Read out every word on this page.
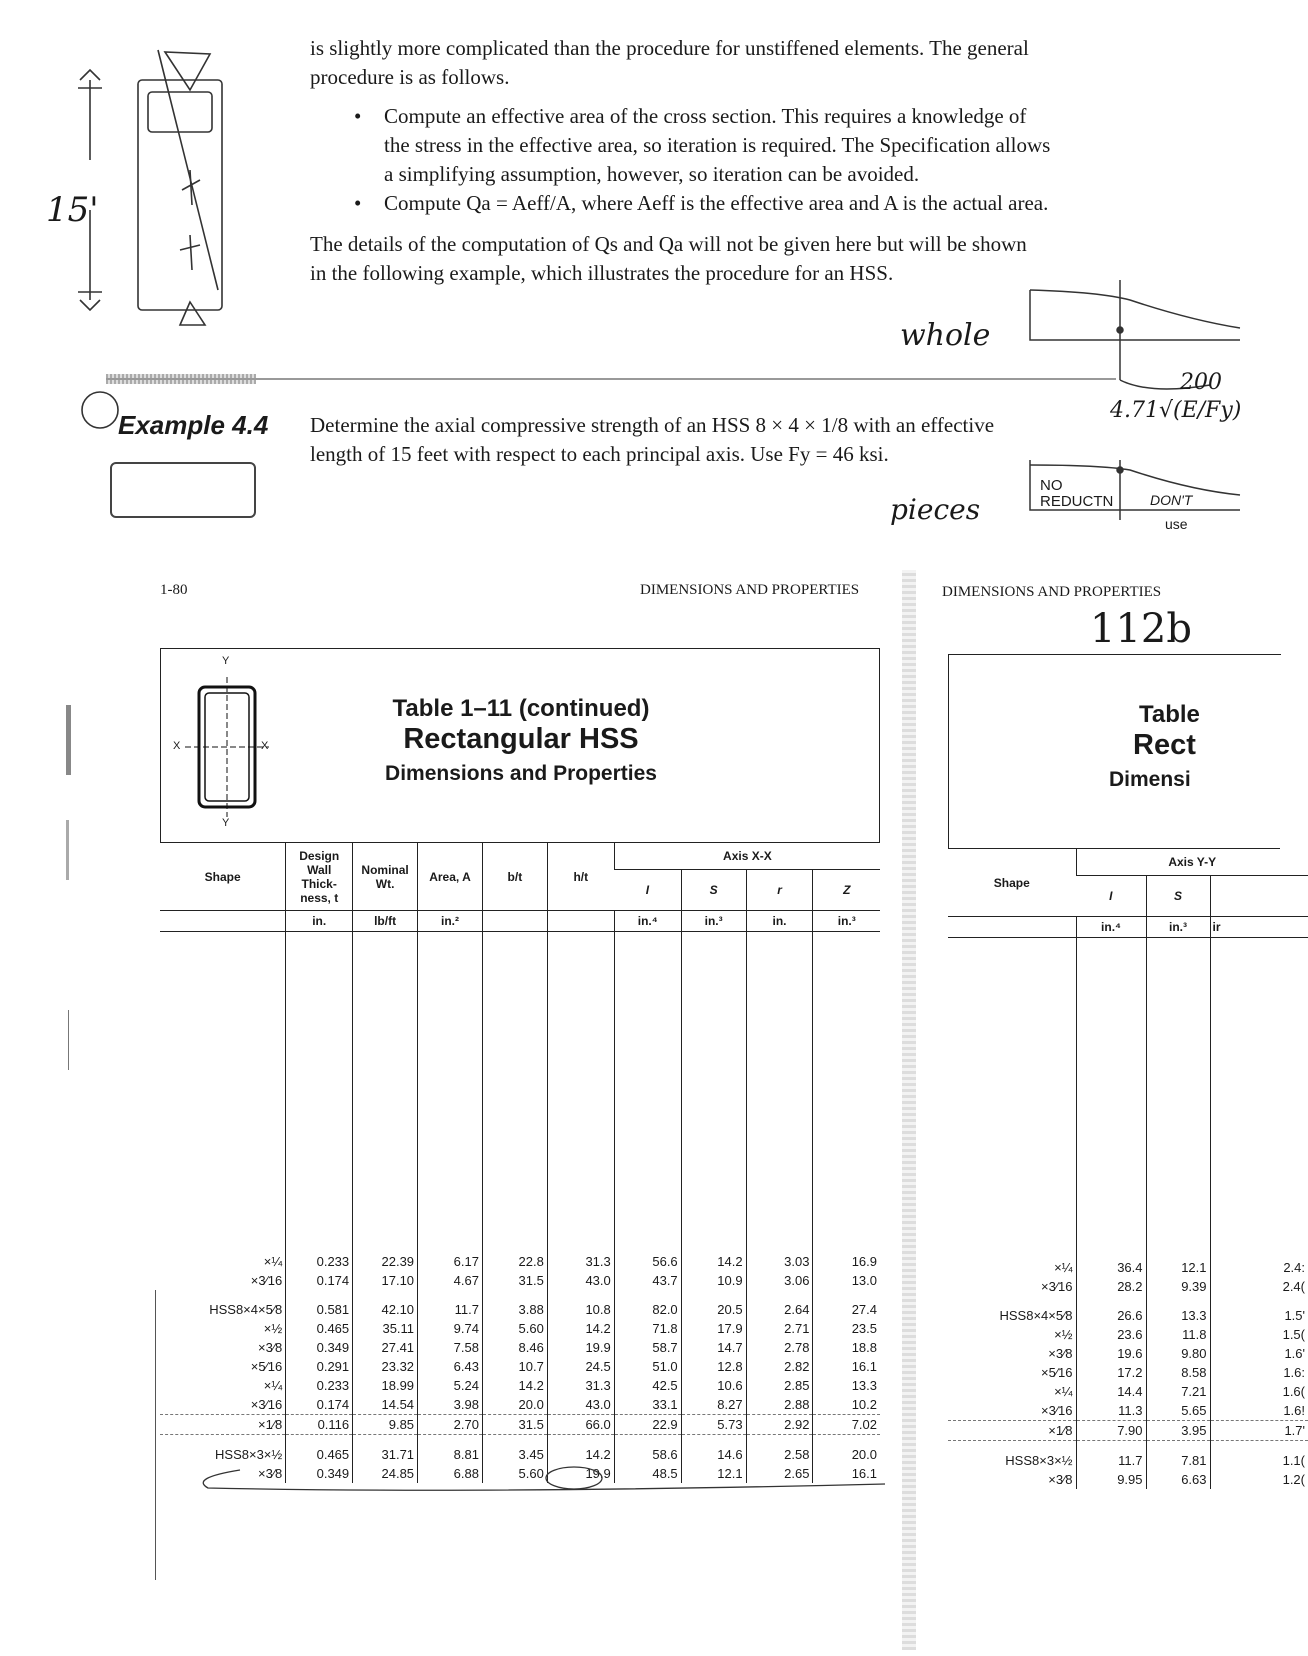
15'
is slightly more complicated than the procedure for unstiffened elements. The general
procedure is as follows.
•	Compute an effective area of the cross section. This requires a knowledge of
the stress in the effective area, so iteration is required. The Specification allows
a simplifying assumption, however, so iteration can be avoided.
•	Compute Qa = Aeff/A, where Aeff is the effective area and A is the actual area.
The details of the computation of Qs and Qa will not be given here but will be shown
in the following example, which illustrates the procedure for an HSS.
whole
200
4.71√(E/Fy)
pieces
NO REDUCTN	DON'T
use
Example 4.4 Determine the axial compressive strength of an HSS 8 × 4 × 1/8 with an effective
length of 15 feet with respect to each principal axis. Use Fy = 46 ksi.
1-80	DIMENSIONS AND PROPERTIES	DIMENSIONS AND PROPERTIES
112b
Y
Y
X	X
Table 1–11 (continued)
Rectangular HSS
Dimensions and Properties
Shape	Design Wall Thick-ness, t	Nominal Wt.	Area, A	b/t	h/t	Axis X-X			
						I	S	r	Z
	in.	lb/ft	in.²			in.⁴	in.³	in.	in.³

×¼	0.233	22.39	6.17	22.8	31.3	56.6	14.2	3.03	16.9
×3⁄16	0.174	17.10	4.67	31.5	43.0	43.7	10.9	3.06	13.0

HSS8×4×5⁄8	0.581	42.10	11.7	3.88	10.8	82.0	20.5	2.64	27.4
×½	0.465	35.11	9.74	5.60	14.2	71.8	17.9	2.71	23.5
×3⁄8	0.349	27.41	7.58	8.46	19.9	58.7	14.7	2.78	18.8
×5⁄16	0.291	23.32	6.43	10.7	24.5	51.0	12.8	2.82	16.1
×¼	0.233	18.99	5.24	14.2	31.3	42.5	10.6	2.85	13.3
×3⁄16	0.174	14.54	3.98	20.0	43.0	33.1	8.27	2.88	10.2
×1⁄8	0.116	9.85	2.70	31.5	66.0	22.9	5.73	2.92	7.02

HSS8×3×½	0.465	31.71	8.81	3.45	14.2	58.6	14.6	2.58	20.0
×3⁄8	0.349	24.85	6.88	5.60	19.9	48.5	12.1	2.65	16.1
Table
Rect
Dimensi
Shape	Axis Y-Y		
	I	S	
	in.⁴	in.³	ir

×¼	36.4	12.1	2.4:
×3⁄16	28.2	9.39	2.4(

HSS8×4×5⁄8	26.6	13.3	1.5'
×½	23.6	11.8	1.5(
×3⁄8	19.6	9.80	1.6'
×5⁄16	17.2	8.58	1.6:
×¼	14.4	7.21	1.6(
×3⁄16	11.3	5.65	1.6!
×1⁄8	7.90	3.95	1.7'

HSS8×3×½	11.7	7.81	1.1(
×3⁄8	9.95	6.63	1.2(
